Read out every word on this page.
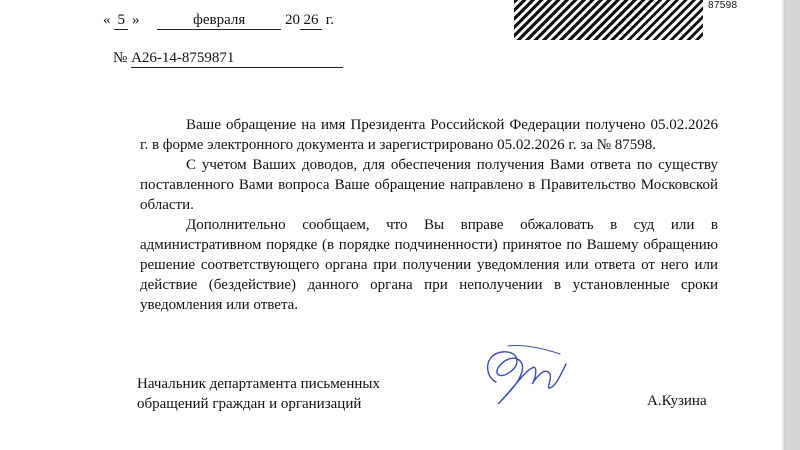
« 5 »	февраля	20 26 г.
№ А26-14-8759871
87598

Ваше обращение на имя Президента Российской Федерации получено 05.02.2026 г. в форме электронного документа и зарегистрировано 05.02.2026 г. за № 87598.

С учетом Ваших доводов, для обеспечения получения Вами ответа по существу поставленного Вами вопроса Ваше обращение направлено в Правительство Московской области.

Дополнительно сообщаем, что Вы вправе обжаловать в суд или в административном порядке (в порядке подчиненности) принятое по Вашему обращению решение соответствующего органа при получении уведомления или ответа от него или действие (бездействие) данного органа при неполучении в установленные сроки уведомления или ответа.

Начальник департамента письменных
обращений граждан и организаций	А.Кузина
